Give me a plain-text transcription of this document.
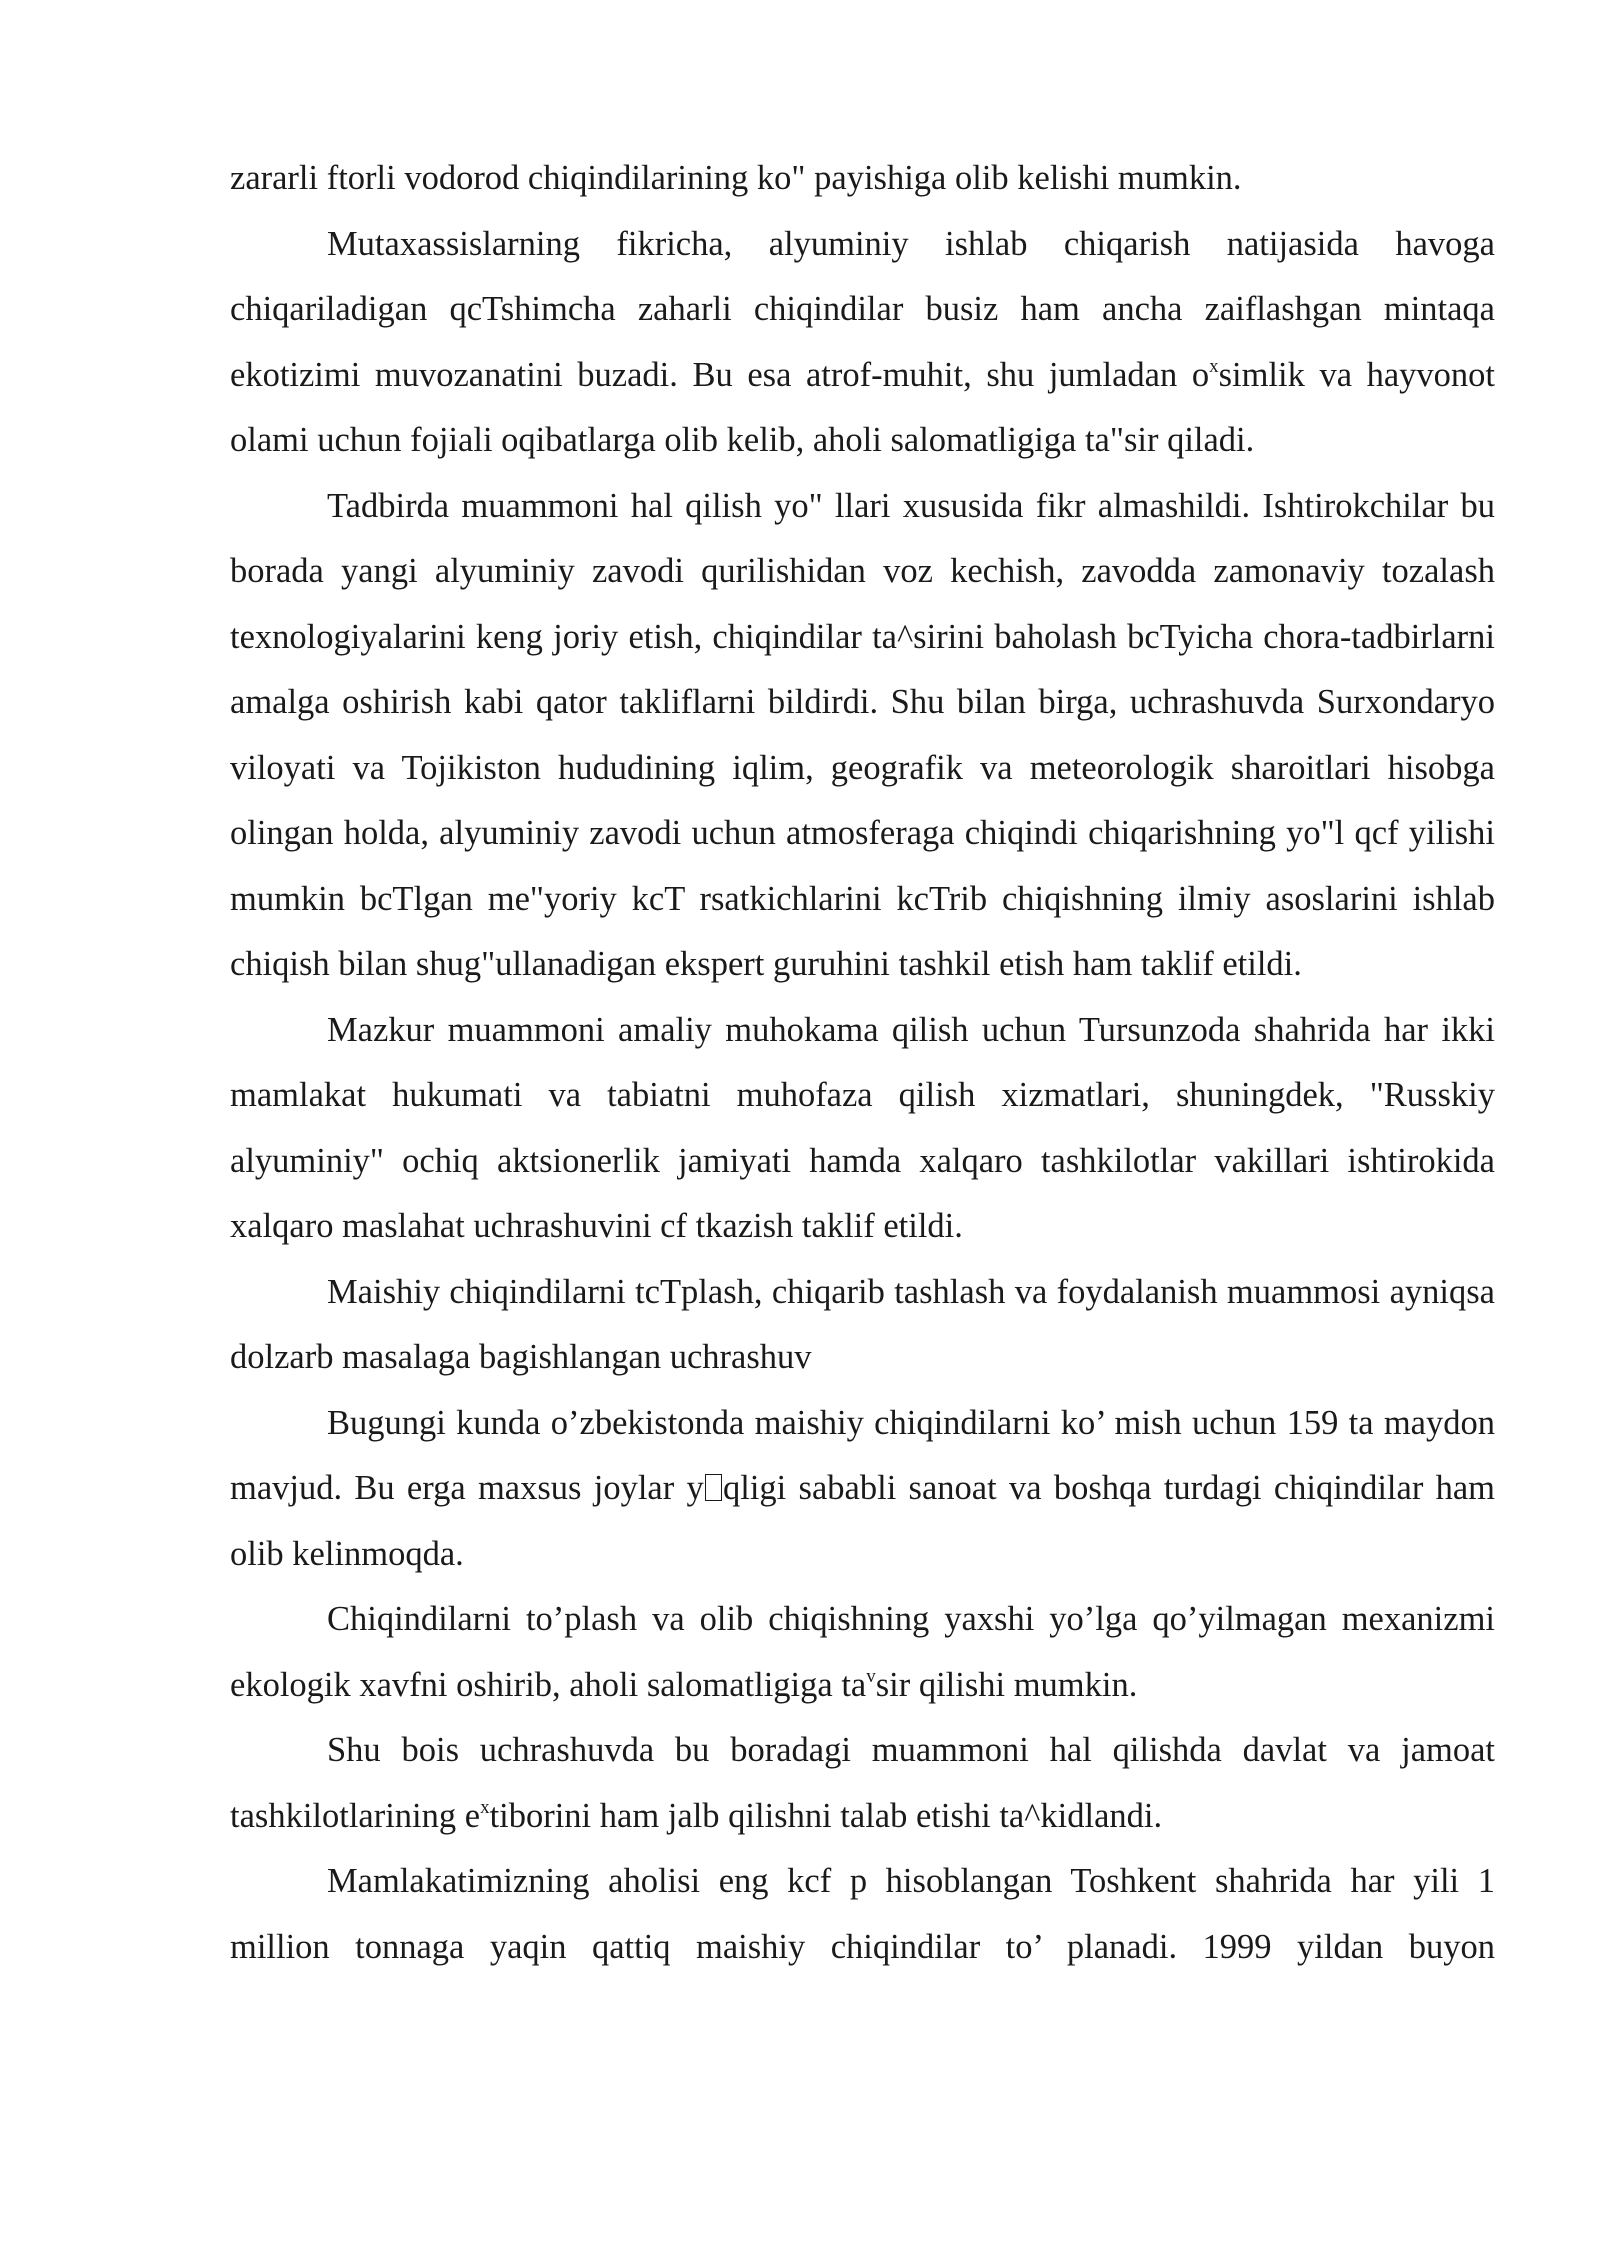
zararli ftorli vodorod chiqindilarining ko" payishiga olib kelishi mumkin.

Mutaxassislarning fikricha, alyuminiy ishlab chiqarish natijasida havoga chiqariladigan qcTshimcha zaharli chiqindilar busiz ham ancha zaiflashgan mintaqa ekotizimi muvozanatini buzadi. Bu esa atrof-muhit, shu jumladan $o^xsimlik$ va hayvonot olami uchun fojiali oqibatlarga olib kelib, aholi salomatligiga ta"sir qiladi.

Tadbirda muammoni hal qilish yo" llari xususida fikr almashildi. Ishtirokchilar bu borada yangi alyuminiy zavodi qurilishidan voz kechish, zavodda zamonaviy tozalash texnologiyalarini keng joriy etish, chiqindilar ta^sirini baholash bcTyicha chora-tadbirlarni amalga oshirish kabi qator takliflarni bildirdi. Shu bilan birga, uchrashuvda Surxondaryo viloyati va Tojikiston hududining iqlim, geografik va meteorologik sharoitlari hisobga olingan holda, alyuminiy zavodi uchun atmosferaga chiqindi chiqarishning yo"l qcf yilishi mumkin bcTlgan me"yoriy kcT rsatkichlarini kcTrib chiqishning ilmiy asoslarini ishlab chiqish bilan shug"ullanadigan ekspert guruhini tashkil etish ham taklif etildi.

Mazkur muammoni amaliy muhokama qilish uchun Tursunzoda shahrida har ikki mamlakat hukumati va tabiatni muhofaza qilish xizmatlari, shuningdek, "Russkiy alyuminiy" ochiq aktsionerlik jamiyati hamda xalqaro tashkilotlar vakillari ishtirokida xalqaro maslahat uchrashuvini cf tkazish taklif etildi.

Maishiy chiqindilarni tcTplash, chiqarib tashlash va foydalanish muammosi ayniqsa dolzarb masalaga bagishlangan uchrashuv

Bugungi kunda o’zbekistonda maishiy chiqindilarni ko’ mish uchun 159 ta maydon mavjud. Bu erga maxsus joylar y qligi sababli sanoat va boshqa turdagi chiqindilar ham olib kelinmoqda.

Chiqindilarni to’plash va olib chiqishning yaxshi yo’lga qo’yilmagan mexanizmi ekologik xavfni oshirib, aholi salomatligiga $ta^vsir$ qilishi mumkin.

Shu bois uchrashuvda bu boradagi muammoni hal qilishda davlat va jamoat tashkilotlarining $e^xtiborini$ ham jalb qilishni talab etishi ta^kidlandi.

Mamlakatimizning aholisi eng kcf p hisoblangan Toshkent shahrida har yili 1 million tonnaga yaqin qattiq maishiy chiqindilar to’ planadi. 1999 yildan buyon
